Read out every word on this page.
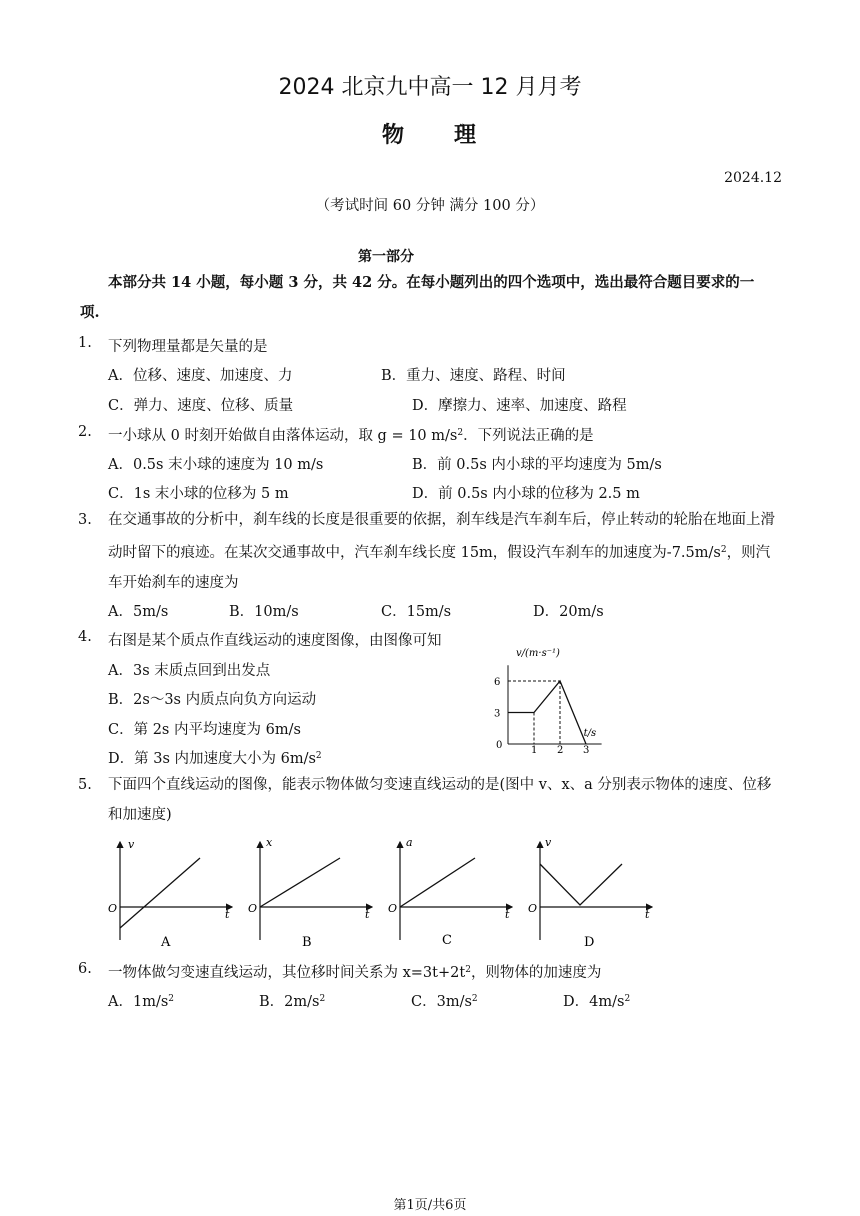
2024 北京九中高一 12 月月考
物　　理
2024.12
（考试时间 60 分钟 满分 100 分）
第一部分
本部分共 14 小题，每小题 3 分，共 42 分。在每小题列出的四个选项中，选出最符合题目要求的一项.
1. 下列物理量都是矢量的是
A．位移、速度、加速度、力	B．重力、速度、路程、时间
C．弹力、速度、位移、质量	D．摩擦力、速率、加速度、路程
2. 一小球从 0 时刻开始做自由落体运动，取 g = 10 $m/s^2$．下列说法正确的是
A．0.5s 末小球的速度为 10 m/s	B．前 0.5s 内小球的平均速度为 5m/s
C．1s 末小球的位移为 5 m	D．前 0.5s 内小球的位移为 2.5 m
3. 在交通事故的分析中，刹车线的长度是很重要的依据，刹车线是汽车刹车后，停止转动的轮胎在地面上滑动时留下的痕迹。在某次交通事故中，汽车刹车线长度 15m，假设汽车刹车的加速度为$-7.5m/s^2$，则汽车开始刹车的速度为
A．5m/s	B．10m/s	C．15m/s	D．20m/s
4. 右图是某个质点作直线运动的速度图像，由图像可知
A．3s 末质点回到出发点
B．2s～3s 内质点向负方向运动
C．第 2s 内平均速度为 6m/s
D．第 3s 内加速度大小为 $6m/s^2$	1 2 3
3
6
0
v/(m·s⁻¹)
t/s
5. 下面四个直线运动的图像，能表示物体做匀变速直线运动的是(图中 v、x、a 分别表示物体的速度、位移和加速度)
v
O	t
A
x
O	t
B
a
O	t
C
v
O	t
D
6. 一物体做匀变速直线运动，其位移时间关系为 $x=3t+2t^2$，则物体的加速度为
A．$1m/s^2$	B．$2m/s^2$	C．$3m/s^2$	D．$4m/s^2$
第1页/共6页
